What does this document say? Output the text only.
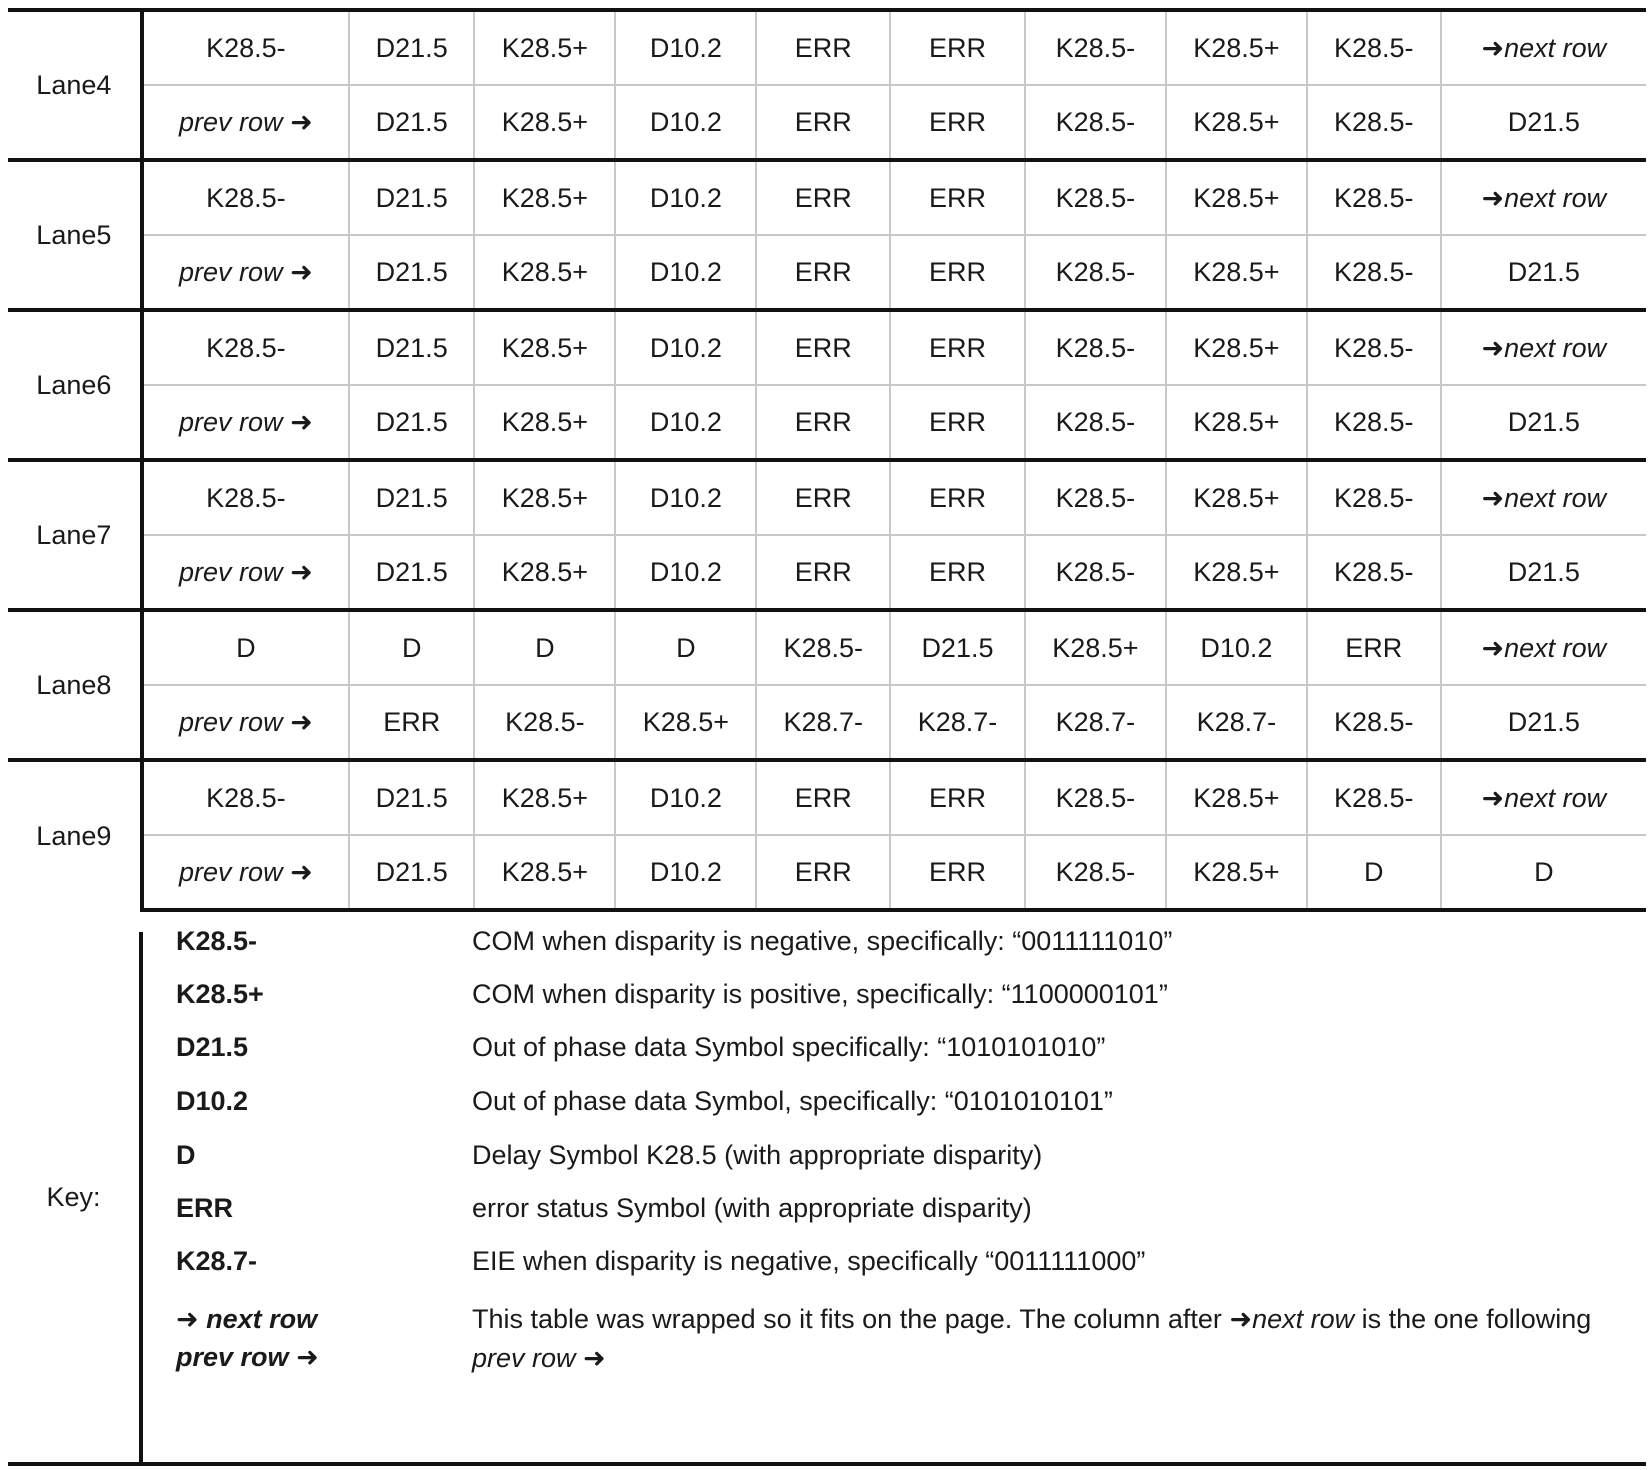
Lane4	K28.5-	D21.5	K28.5+	D10.2	ERR	ERR	K28.5-	K28.5+	K28.5-	➜next row
	prev row ➜	D21.5	K28.5+	D10.2	ERR	ERR	K28.5-	K28.5+	K28.5-	D21.5
Lane5	K28.5-	D21.5	K28.5+	D10.2	ERR	ERR	K28.5-	K28.5+	K28.5-	➜next row
	prev row ➜	D21.5	K28.5+	D10.2	ERR	ERR	K28.5-	K28.5+	K28.5-	D21.5
Lane6	K28.5-	D21.5	K28.5+	D10.2	ERR	ERR	K28.5-	K28.5+	K28.5-	➜next row
	prev row ➜	D21.5	K28.5+	D10.2	ERR	ERR	K28.5-	K28.5+	K28.5-	D21.5
Lane7	K28.5-	D21.5	K28.5+	D10.2	ERR	ERR	K28.5-	K28.5+	K28.5-	➜next row
	prev row ➜	D21.5	K28.5+	D10.2	ERR	ERR	K28.5-	K28.5+	K28.5-	D21.5
Lane8	D	D	D	D	K28.5-	D21.5	K28.5+	D10.2	ERR	➜next row
	prev row ➜	ERR	K28.5-	K28.5+	K28.7-	K28.7-	K28.7-	K28.7-	K28.5-	D21.5
Lane9	K28.5-	D21.5	K28.5+	D10.2	ERR	ERR	K28.5-	K28.5+	K28.5-	➜next row
	prev row ➜	D21.5	K28.5+	D10.2	ERR	ERR	K28.5-	K28.5+	D	D
Key:
K28.5-	COM when disparity is negative, specifically: “0011111010”
K28.5+	COM when disparity is positive, specifically: “1100000101”
D21.5	Out of phase data Symbol specifically: “1010101010”
D10.2	Out of phase data Symbol, specifically: “0101010101”
D	Delay Symbol K28.5 (with appropriate disparity)
ERR	error status Symbol (with appropriate disparity)
K28.7-	EIE when disparity is negative, specifically “0011111000”
➜ next row
prev row ➜
This table was wrapped so it fits on the page. The column after ➜next row is the one following prev row ➜
